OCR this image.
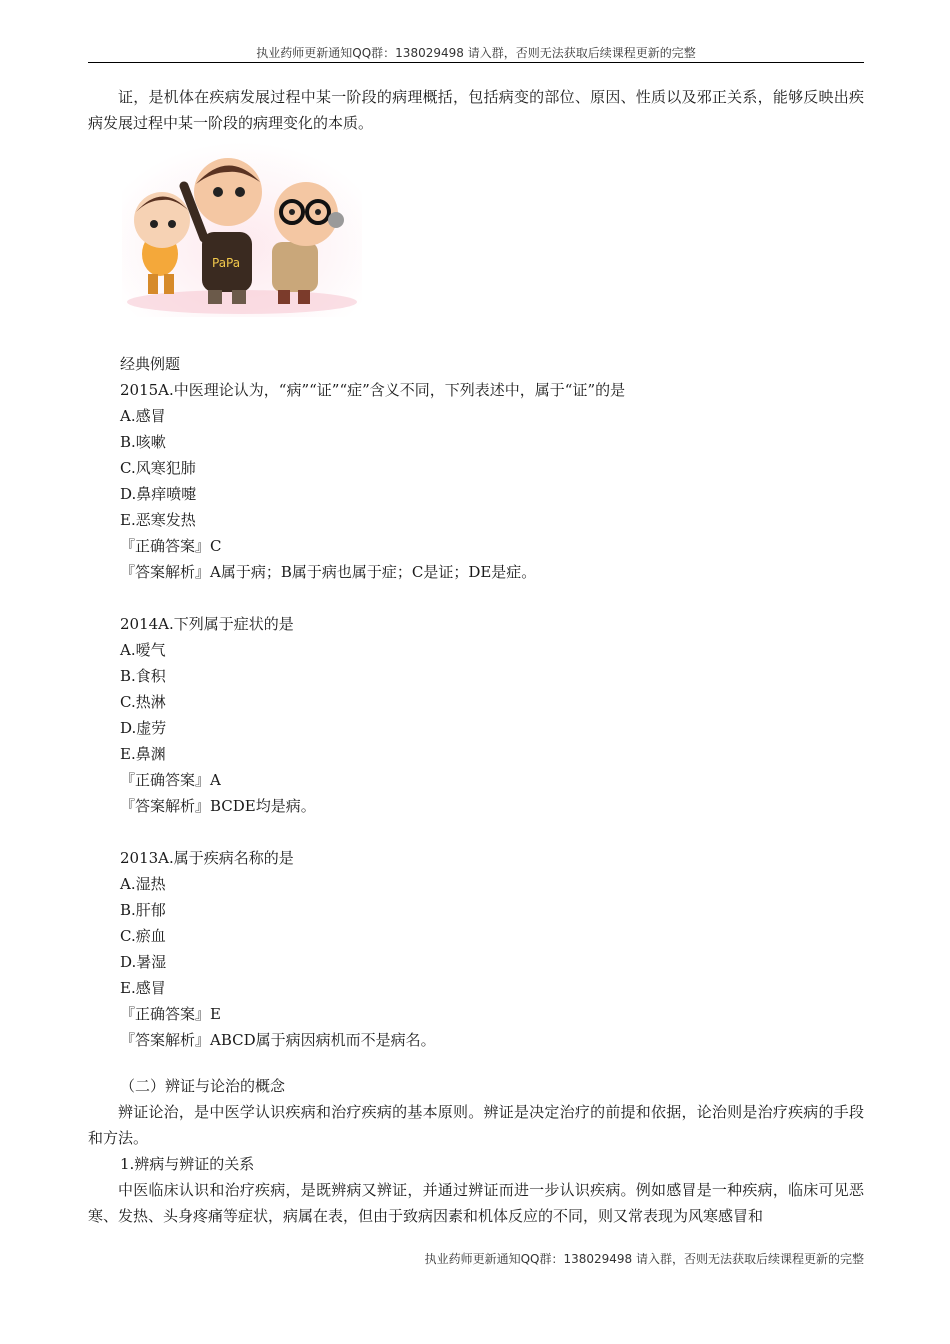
执业药师更新通知QQ群：138029498 请入群，否则无法获取后续课程更新的完整

证，是机体在疾病发展过程中某一阶段的病理概括，包括病变的部位、原因、性质以及邪正关系，能够反映出疾病发展过程中某一阶段的病理变化的本质。

PaPa

经典例题

2015A.中医理论认为，“病”“证”“症”含义不同，下列表述中，属于“证”的是

A.感冒

B.咳嗽

C.风寒犯肺

D.鼻痒喷嚏

E.恶寒发热

『正确答案』C

『答案解析』A属于病；B属于病也属于症；C是证；DE是症。

2014A.下列属于症状的是

A.嗳气

B.食积

C.热淋

D.虚劳

E.鼻渊

『正确答案』A

『答案解析』BCDE均是病。

2013A.属于疾病名称的是

A.湿热

B.肝郁

C.瘀血

D.暑湿

E.感冒

『正确答案』E

『答案解析』ABCD属于病因病机而不是病名。

（二）辨证与论治的概念

辨证论治，是中医学认识疾病和治疗疾病的基本原则。辨证是决定治疗的前提和依据，论治则是治疗疾病的手段和方法。

1.辨病与辨证的关系

中医临床认识和治疗疾病，是既辨病又辨证，并通过辨证而进一步认识疾病。例如感冒是一种疾病，临床可见恶寒、发热、头身疼痛等症状，病属在表，但由于致病因素和机体反应的不同，则又常表现为风寒感冒和

执业药师更新通知QQ群：138029498 请入群，否则无法获取后续课程更新的完整
